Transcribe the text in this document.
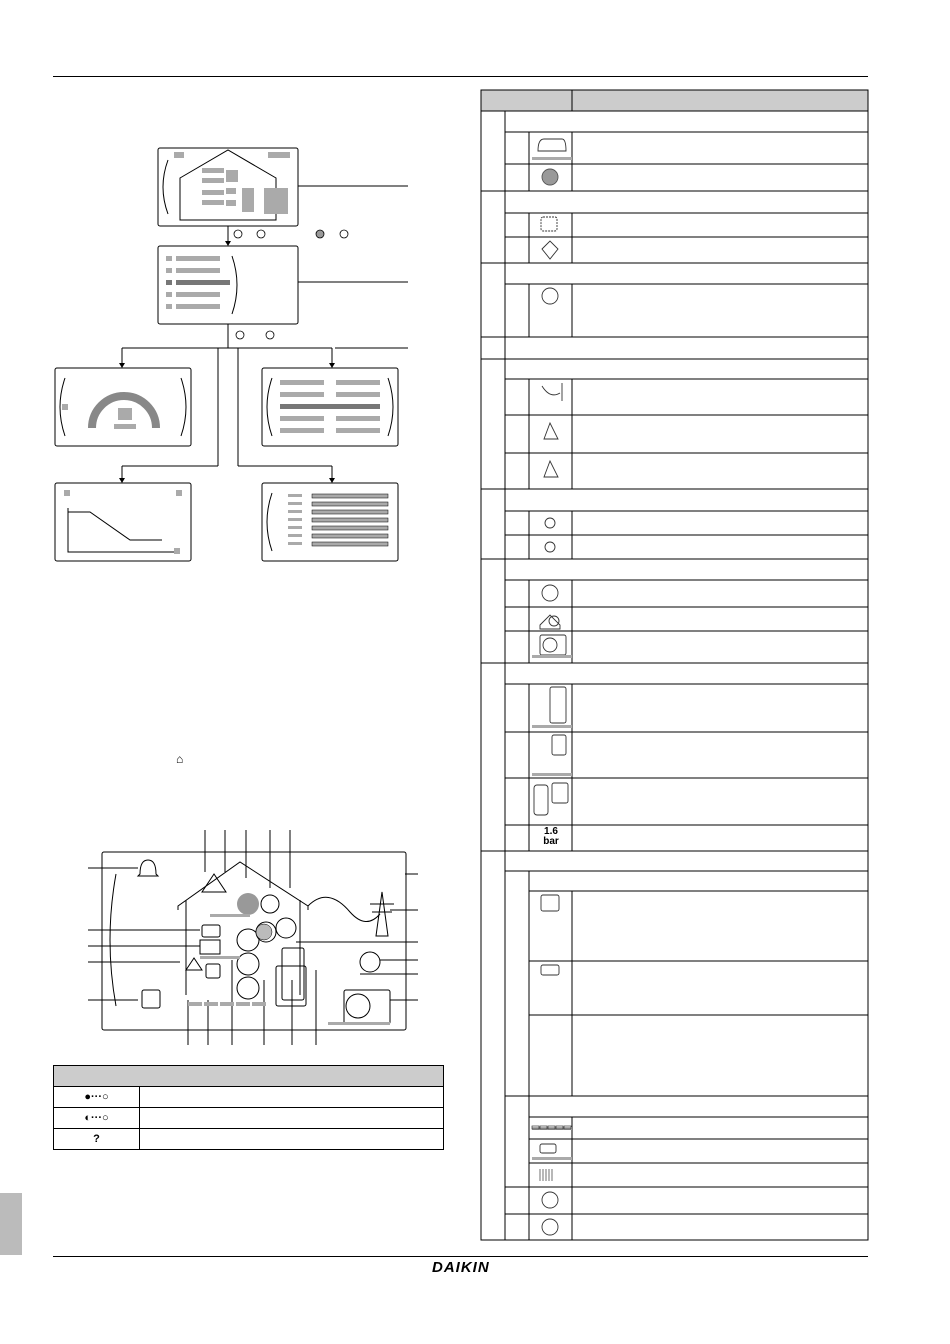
DAIKIN
⌂
●···○
◐···○
?
1.6
bar
